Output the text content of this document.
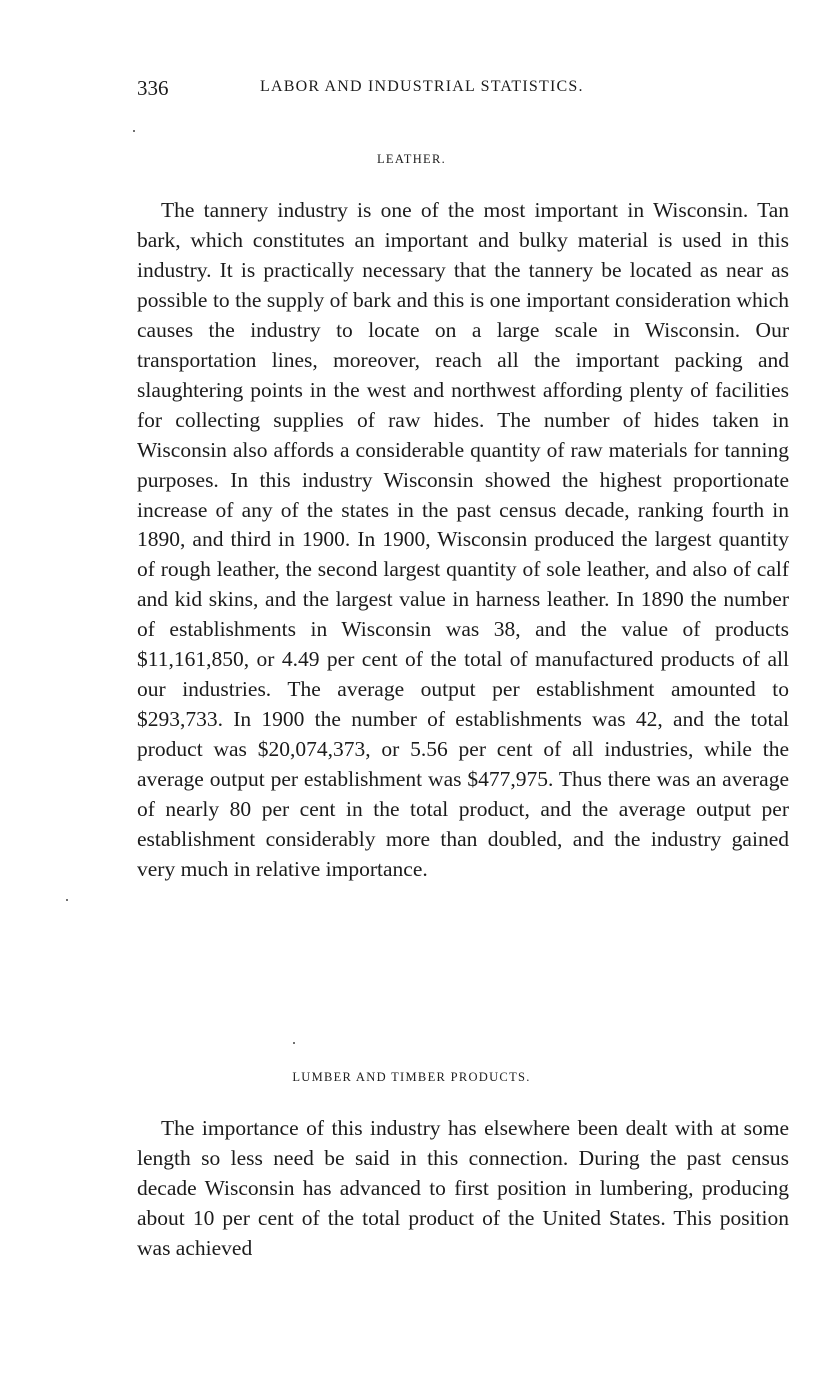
336	LABOR AND INDUSTRIAL STATISTICS.
LEATHER.

The tannery industry is one of the most important in Wisconsin. Tan bark, which constitutes an important and bulky material is used in this industry. It is practically necessary that the tannery be located as near as possible to the supply of bark and this is one important consideration which causes the industry to locate on a large scale in Wisconsin. Our transportation lines, moreover, reach all the important packing and slaughtering points in the west and northwest affording plenty of facilities for collecting supplies of raw hides. The number of hides taken in Wisconsin also affords a considerable quantity of raw materials for tanning purposes. In this industry Wisconsin showed the highest proportionate increase of any of the states in the past census decade, ranking fourth in 1890, and third in 1900. In 1900, Wisconsin produced the largest quantity of rough leather, the second largest quantity of sole leather, and also of calf and kid skins, and the largest value in harness leather. In 1890 the number of establishments in Wisconsin was 38, and the value of products $11,161,850, or 4.49 per cent of the total of manufactured products of all our industries. The average output per establishment amounted to $293,733. In 1900 the number of establishments was 42, and the total product was $20,074,373, or 5.56 per cent of all industries, while the average output per establishment was $477,975. Thus there was an average of nearly 80 per cent in the total product, and the average output per establishment considerably more than doubled, and the industry gained very much in relative importance.

LUMBER AND TIMBER PRODUCTS.

The importance of this industry has elsewhere been dealt with at some length so less need be said in this connection. During the past census decade Wisconsin has advanced to first position in lumbering, producing about 10 per cent of the total product of the United States. This position was achieved
